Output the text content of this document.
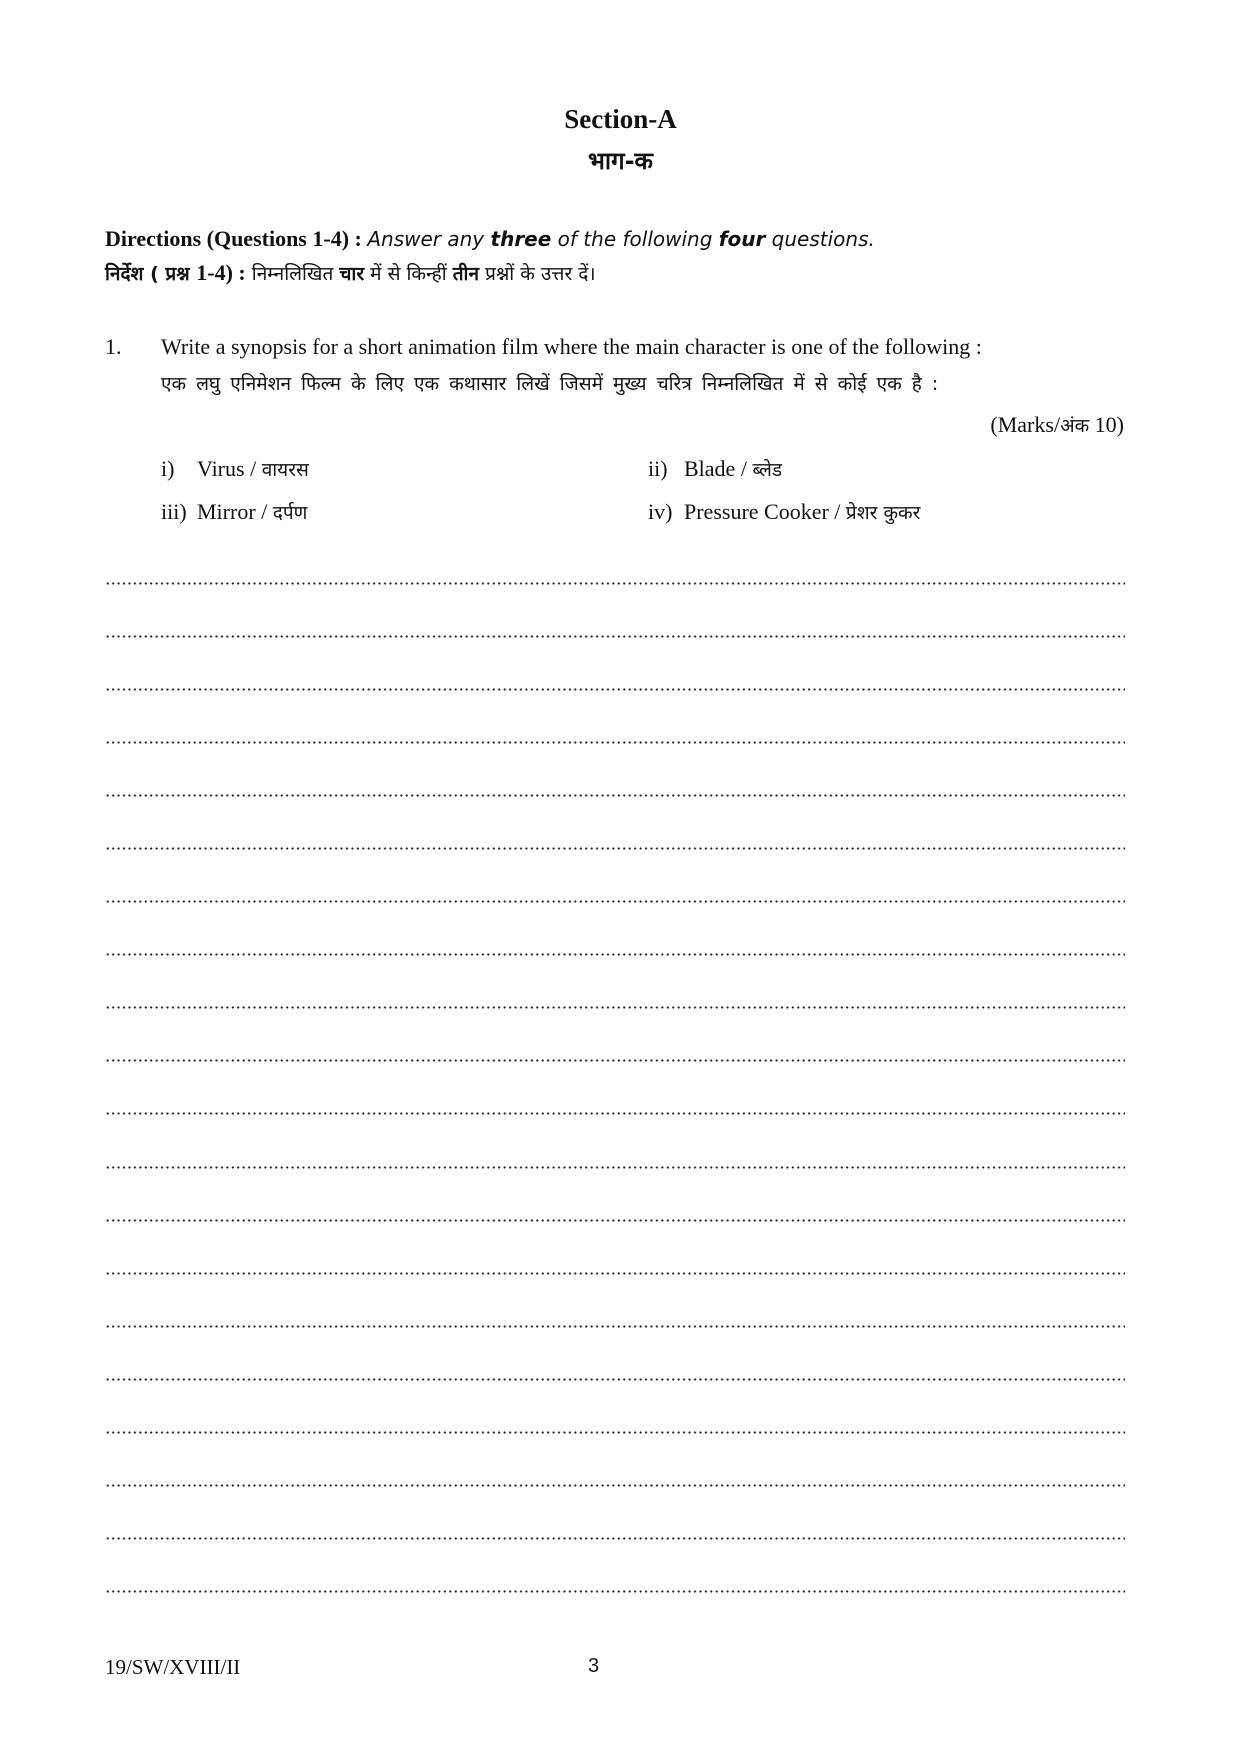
Section-A
भाग-क
Directions (Questions 1-4) : Answer any three of the following four questions.
निर्देश ( प्रश्न 1-4) : निम्नलिखित चार में से किन्हीं तीन प्रश्नों के उत्तर दें।
1. Write a synopsis for a short animation film where the main character is one of the following :
एक लघु एनिमेशन फिल्म के लिए एक कथासार लिखें जिसमें मुख्य चरित्र निम्नलिखित में से कोई एक है :
(Marks/अंक 10)
i) Virus / वायरस	ii) Blade / ब्लेड
iii) Mirror / दर्पण	iv) Pressure Cooker / प्रेशर कुकर
19/SW/XVIII/II	3
